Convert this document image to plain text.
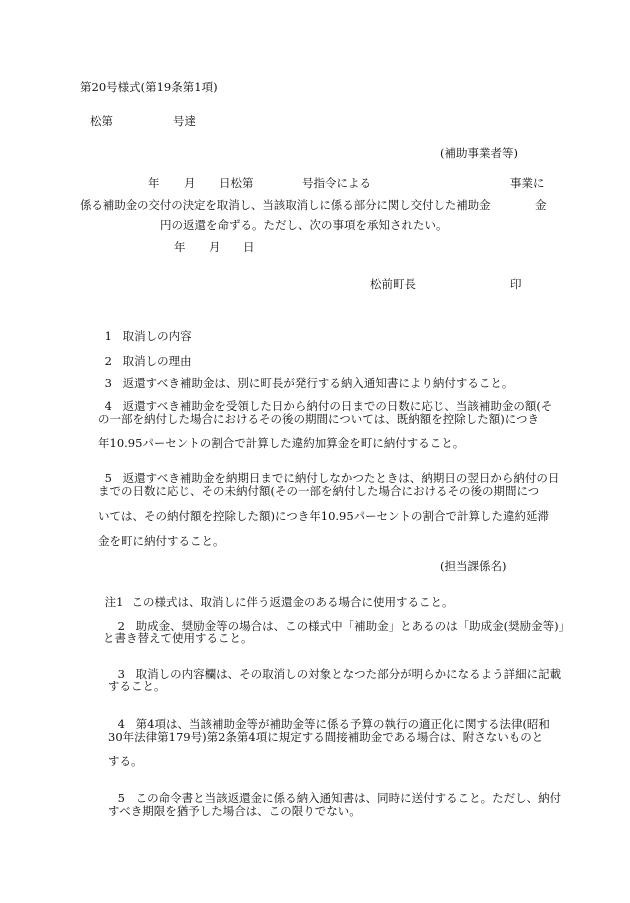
第20号様式(第19条第1項)
松第	号達
(補助事業者等)
年 月 日松第	号指令による	事業に
係る補助金の交付の決定を取消し、当該取消しに係る部分に関し交付した補助金	金
円の返還を命ずる。ただし、次の事項を承知されたい。
年 月 日
松前町長	印

1 取消しの内容

2 取消しの理由

3 返還すべき補助金は、別に町長が発行する納入通知書により納付すること。

4 返還すべき補助金を受領した日から納付の日までの日数に応じ、当該補助金の額(そ

の一部を納付した場合におけるその後の期間については、既納額を控除した額)につき
年10.95パーセントの割合で計算した違約加算金を町に納付すること。

5 返還すべき補助金を納期日までに納付しなかつたときは、納期日の翌日から納付の日

までの日数に応じ、その未納付額(その一部を納付した場合におけるその後の期間につ
いては、その納付額を控除した額)につき年10.95パーセントの割合で計算した違約延滞
金を町に納付すること。
(担当課係名)

注1 この様式は、取消しに伴う返還金のある場合に使用すること。

2 助成金、奨励金等の場合は、この様式中「補助金」とあるのは「助成金(奨励金等)」

と書き替えて使用すること。

3 取消しの内容欄は、その取消しの対象となつた部分が明らかになるよう詳細に記載

すること。

4 第4項は、当該補助金等が補助金等に係る予算の執行の適正化に関する法律(昭和

30年法律第179号)第2条第4項に規定する間接補助金である場合は、附さないものと
する。

5 この命令書と当該返還金に係る納入通知書は、同時に送付すること。ただし、納付

すべき期限を猶予した場合は、この限りでない。
